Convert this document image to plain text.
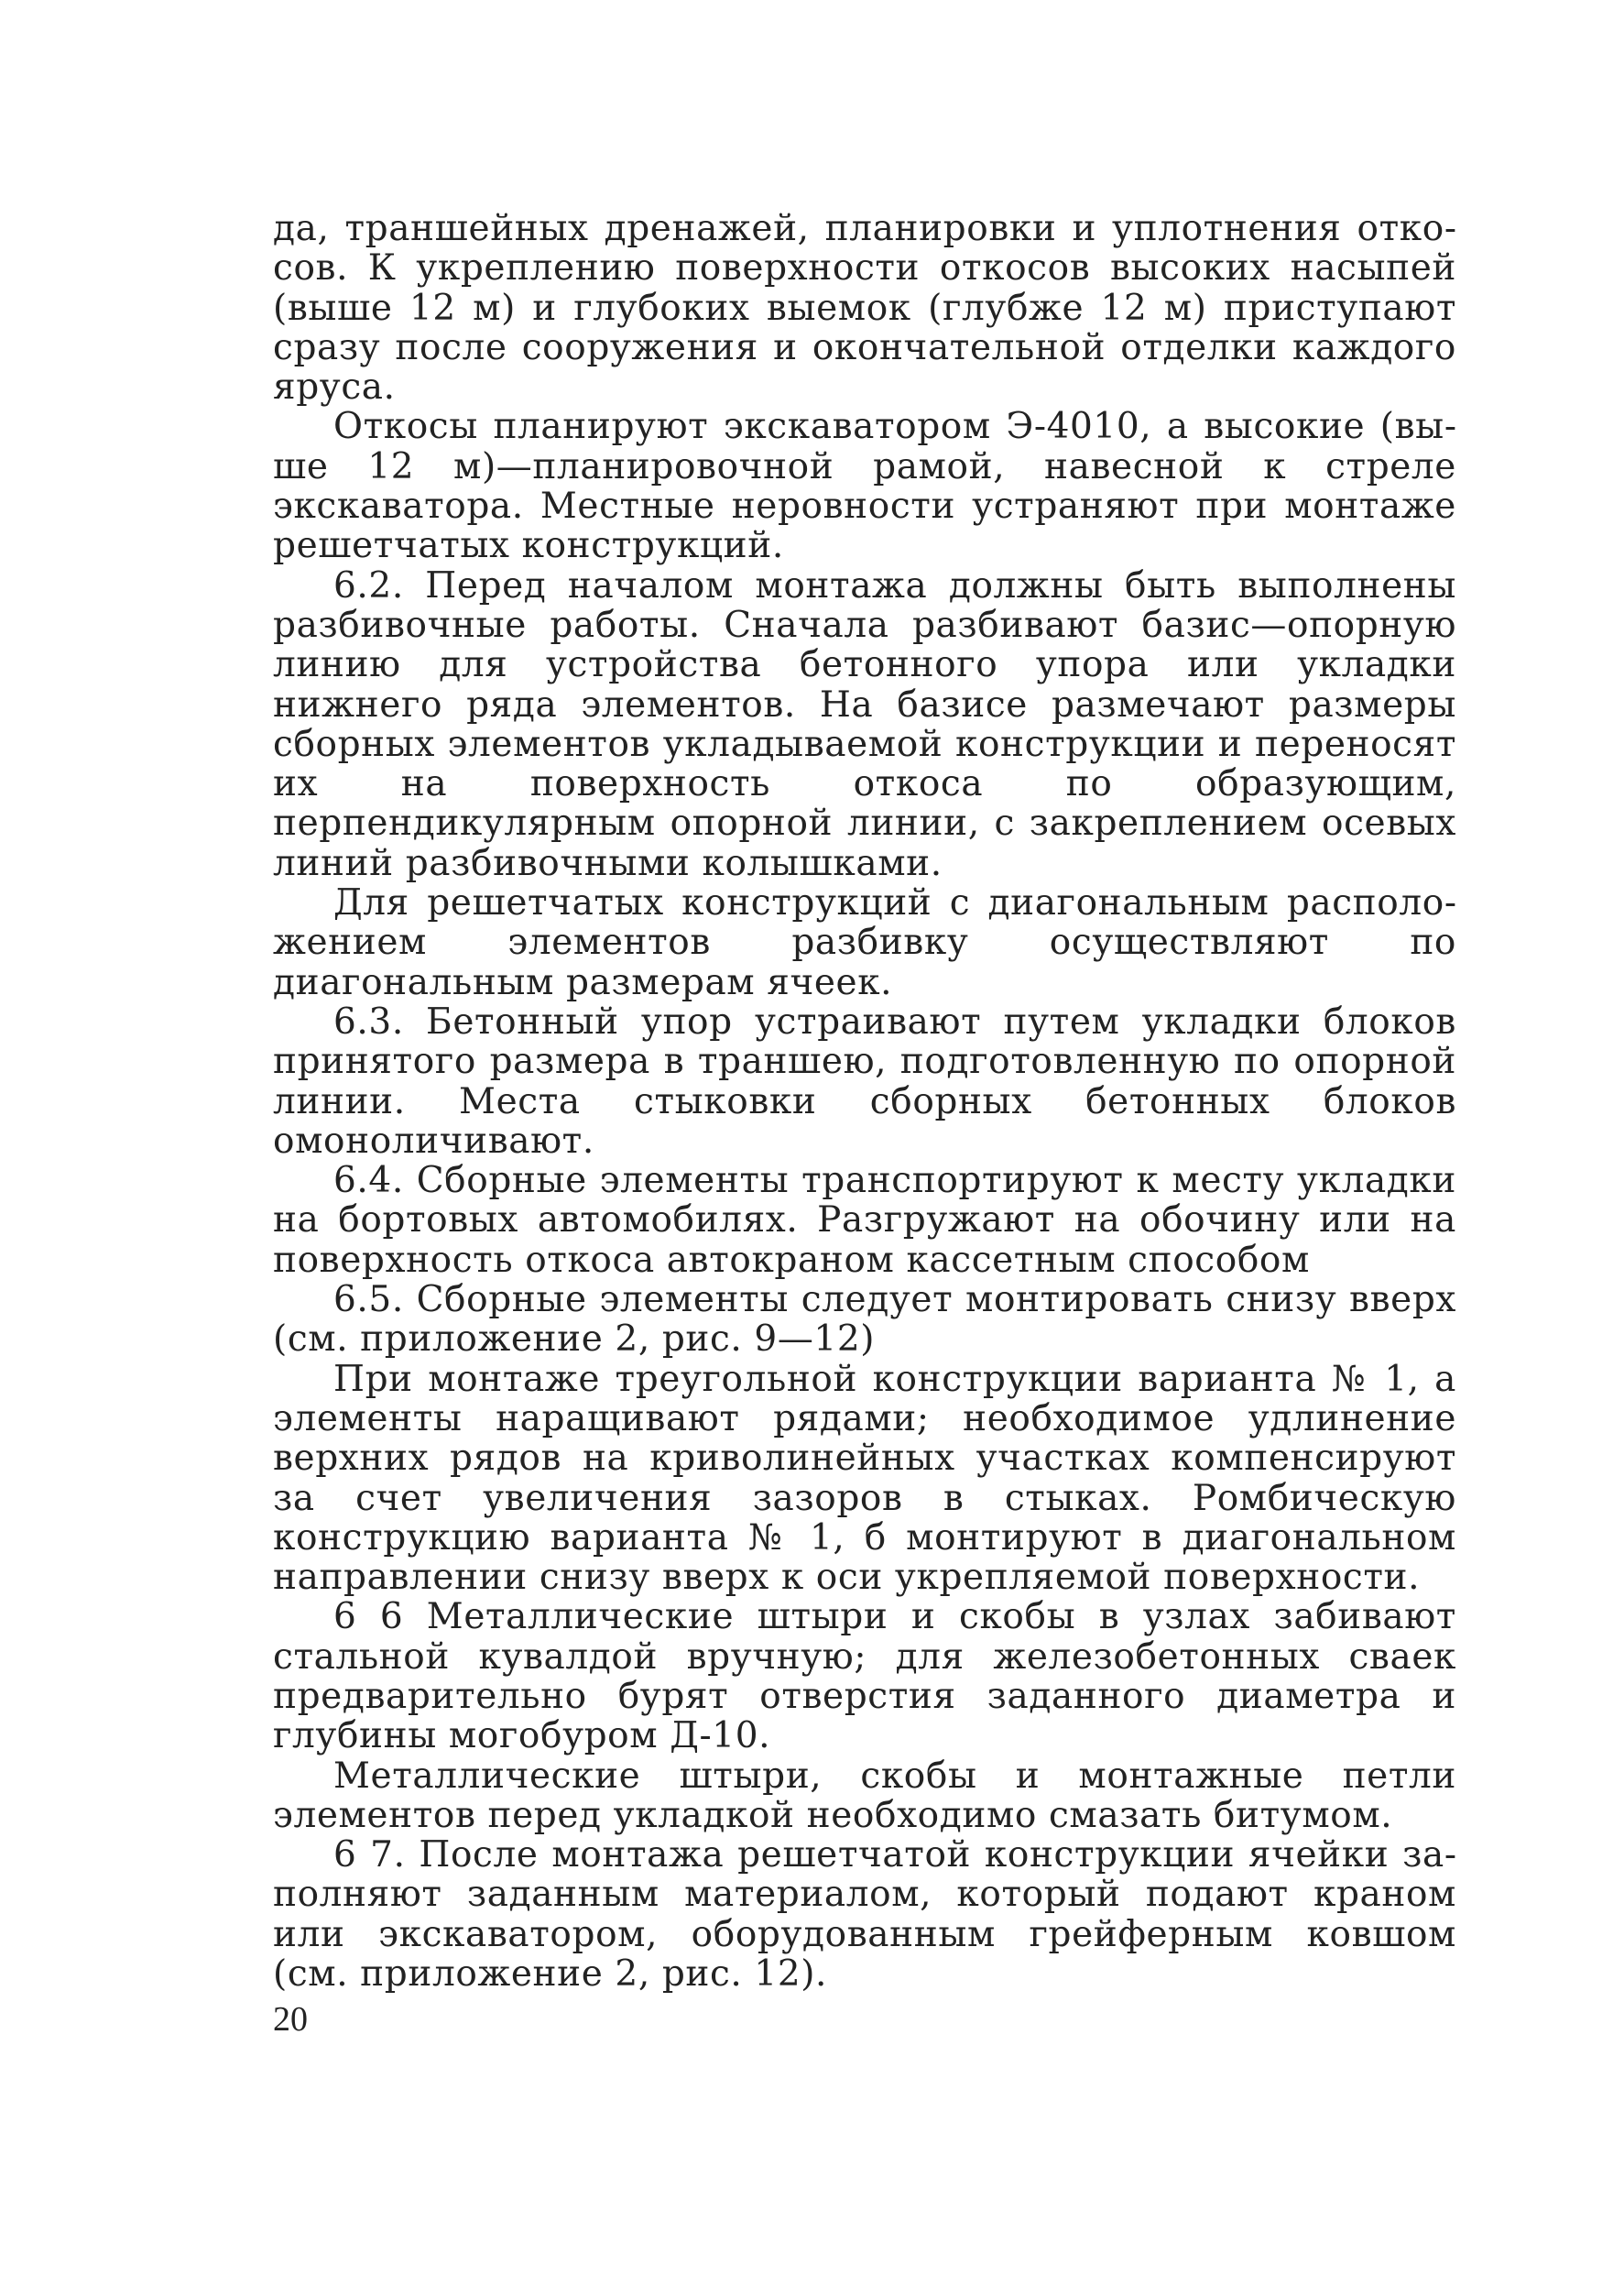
да, траншейных дренажей, планировки и уплотнения откосов. К укреплению поверхности откосов высоких насыпей (выше 12 м) и глубоких выемок (глубже 12 м) приступают сразу после сооружения и окончательной отделки каждого яруса.

Откосы планируют экскаватором Э-4010, а высокие (выше 12 м)—планировочной рамой, навесной к стреле экскаватора. Местные неровности устраняют при монтаже решетчатых конструкций.

6.2. Перед началом монтажа должны быть выполнены разбивочные работы. Сначала разбивают базис—опорную линию для устройства бетонного упора или укладки нижнего ряда элементов. На базисе размечают размеры сборных элементов укладываемой конструкции и переносят их на поверхность откоса по образующим, перпендикулярным опорной линии, с закреплением осевых линий разбивочными колышками.

Для решетчатых конструкций с диагональным расположением элементов разбивку осуществляют по диагональным размерам ячеек.

6.3. Бетонный упор устраивают путем укладки блоков принятого размера в траншею, подготовленную по опорной линии. Места стыковки сборных бетонных блоков омоноличивают.

6.4. Сборные элементы транспортируют к месту укладки на бортовых автомобилях. Разгружают на обочину или на поверхность откоса автокраном кассетным способом

6.5. Сборные элементы следует монтировать снизу вверх (см. приложение 2, рис. 9—12)

При монтаже треугольной конструкции варианта № 1, а элементы наращивают рядами; необходимое удлинение верхних рядов на криволинейных участках компенсируют за счет увеличения зазоров в стыках. Ромбическую конструкцию варианта № 1, б монтируют в диагональном направлении снизу вверх к оси укрепляемой поверхности.

6 6 Металлические штыри и скобы в узлах забивают стальной кувалдой вручную; для железобетонных сваек предварительно бурят отверстия заданного диаметра и глубины могобуром Д-10.

Металлические штыри, скобы и монтажные петли элементов перед укладкой необходимо смазать битумом.

6 7. После монтажа решетчатой конструкции ячейки заполняют заданным материалом, который подают краном или экскаватором, оборудованным грейферным ковшом (см. приложение 2, рис. 12).

20
